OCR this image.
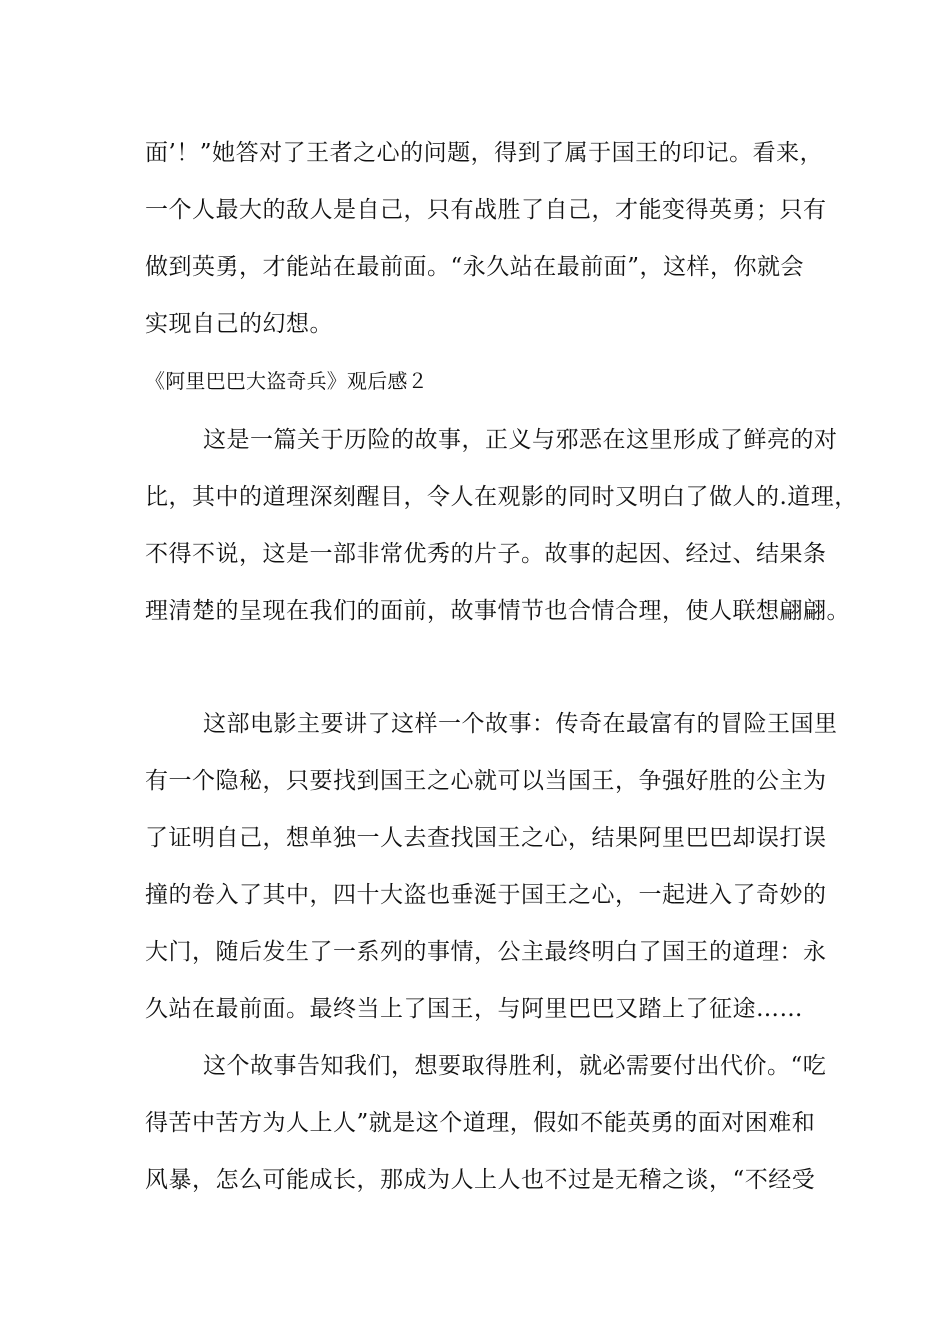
面’！”她答对了王者之心的问题，得到了属于国王的印记。看来，
一个人最大的敌人是自己，只有战胜了自己，才能变得英勇；只有
做到英勇，才能站在最前面。“永久站在最前面”，这样，你就会
实现自己的幻想。
《阿里巴巴大盗奇兵》观后感２
这是一篇关于历险的故事，正义与邪恶在这里形成了鲜亮的对
比，其中的道理深刻醒目，令人在观影的同时又明白了做人的.道理，
不得不说，这是一部非常优秀的片子。故事的起因、经过、结果条
理清楚的呈现在我们的面前，故事情节也合情合理，使人联想翩翩。
这部电影主要讲了这样一个故事：传奇在最富有的冒险王国里
有一个隐秘，只要找到国王之心就可以当国王，争强好胜的公主为
了证明自己，想单独一人去查找国王之心，结果阿里巴巴却误打误
撞的卷入了其中，四十大盗也垂涎于国王之心，一起进入了奇妙的
大门，随后发生了一系列的事情，公主最终明白了国王的道理：永
久站在最前面。最终当上了国王，与阿里巴巴又踏上了征途……
这个故事告知我们，想要取得胜利，就必需要付出代价。“吃
得苦中苦方为人上人”就是这个道理，假如不能英勇的面对困难和
风暴，怎么可能成长，那成为人上人也不过是无稽之谈，“不经受
